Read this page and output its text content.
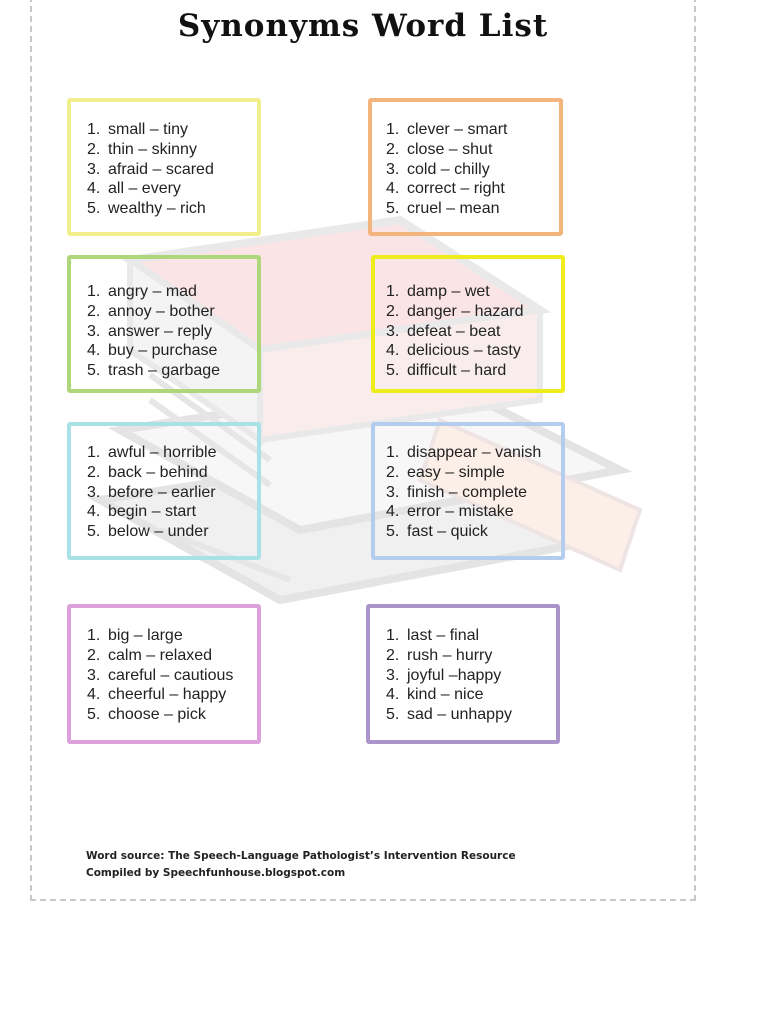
Synonyms Word List
1. small – tiny
2. thin – skinny
3. afraid – scared
4. all – every
5. wealthy – rich
1. clever – smart
2. close – shut
3. cold – chilly
4. correct – right
5. cruel – mean
1. angry – mad
2. annoy – bother
3. answer – reply
4. buy – purchase
5. trash – garbage
1. damp – wet
2. danger – hazard
3. defeat – beat
4. delicious – tasty
5. difficult – hard
1. awful – horrible
2. back – behind
3. before – earlier
4. begin – start
5. below – under
1. disappear – vanish
2. easy – simple
3. finish – complete
4. error – mistake
5. fast – quick
1. big – large
2. calm – relaxed
3. careful – cautious
4. cheerful – happy
5. choose – pick
1. last – final
2. rush – hurry
3. joyful –happy
4. kind – nice
5. sad – unhappy
Word source: The Speech-Language Pathologist’s Intervention Resource
Compiled by Speechfunhouse.blogspot.com
